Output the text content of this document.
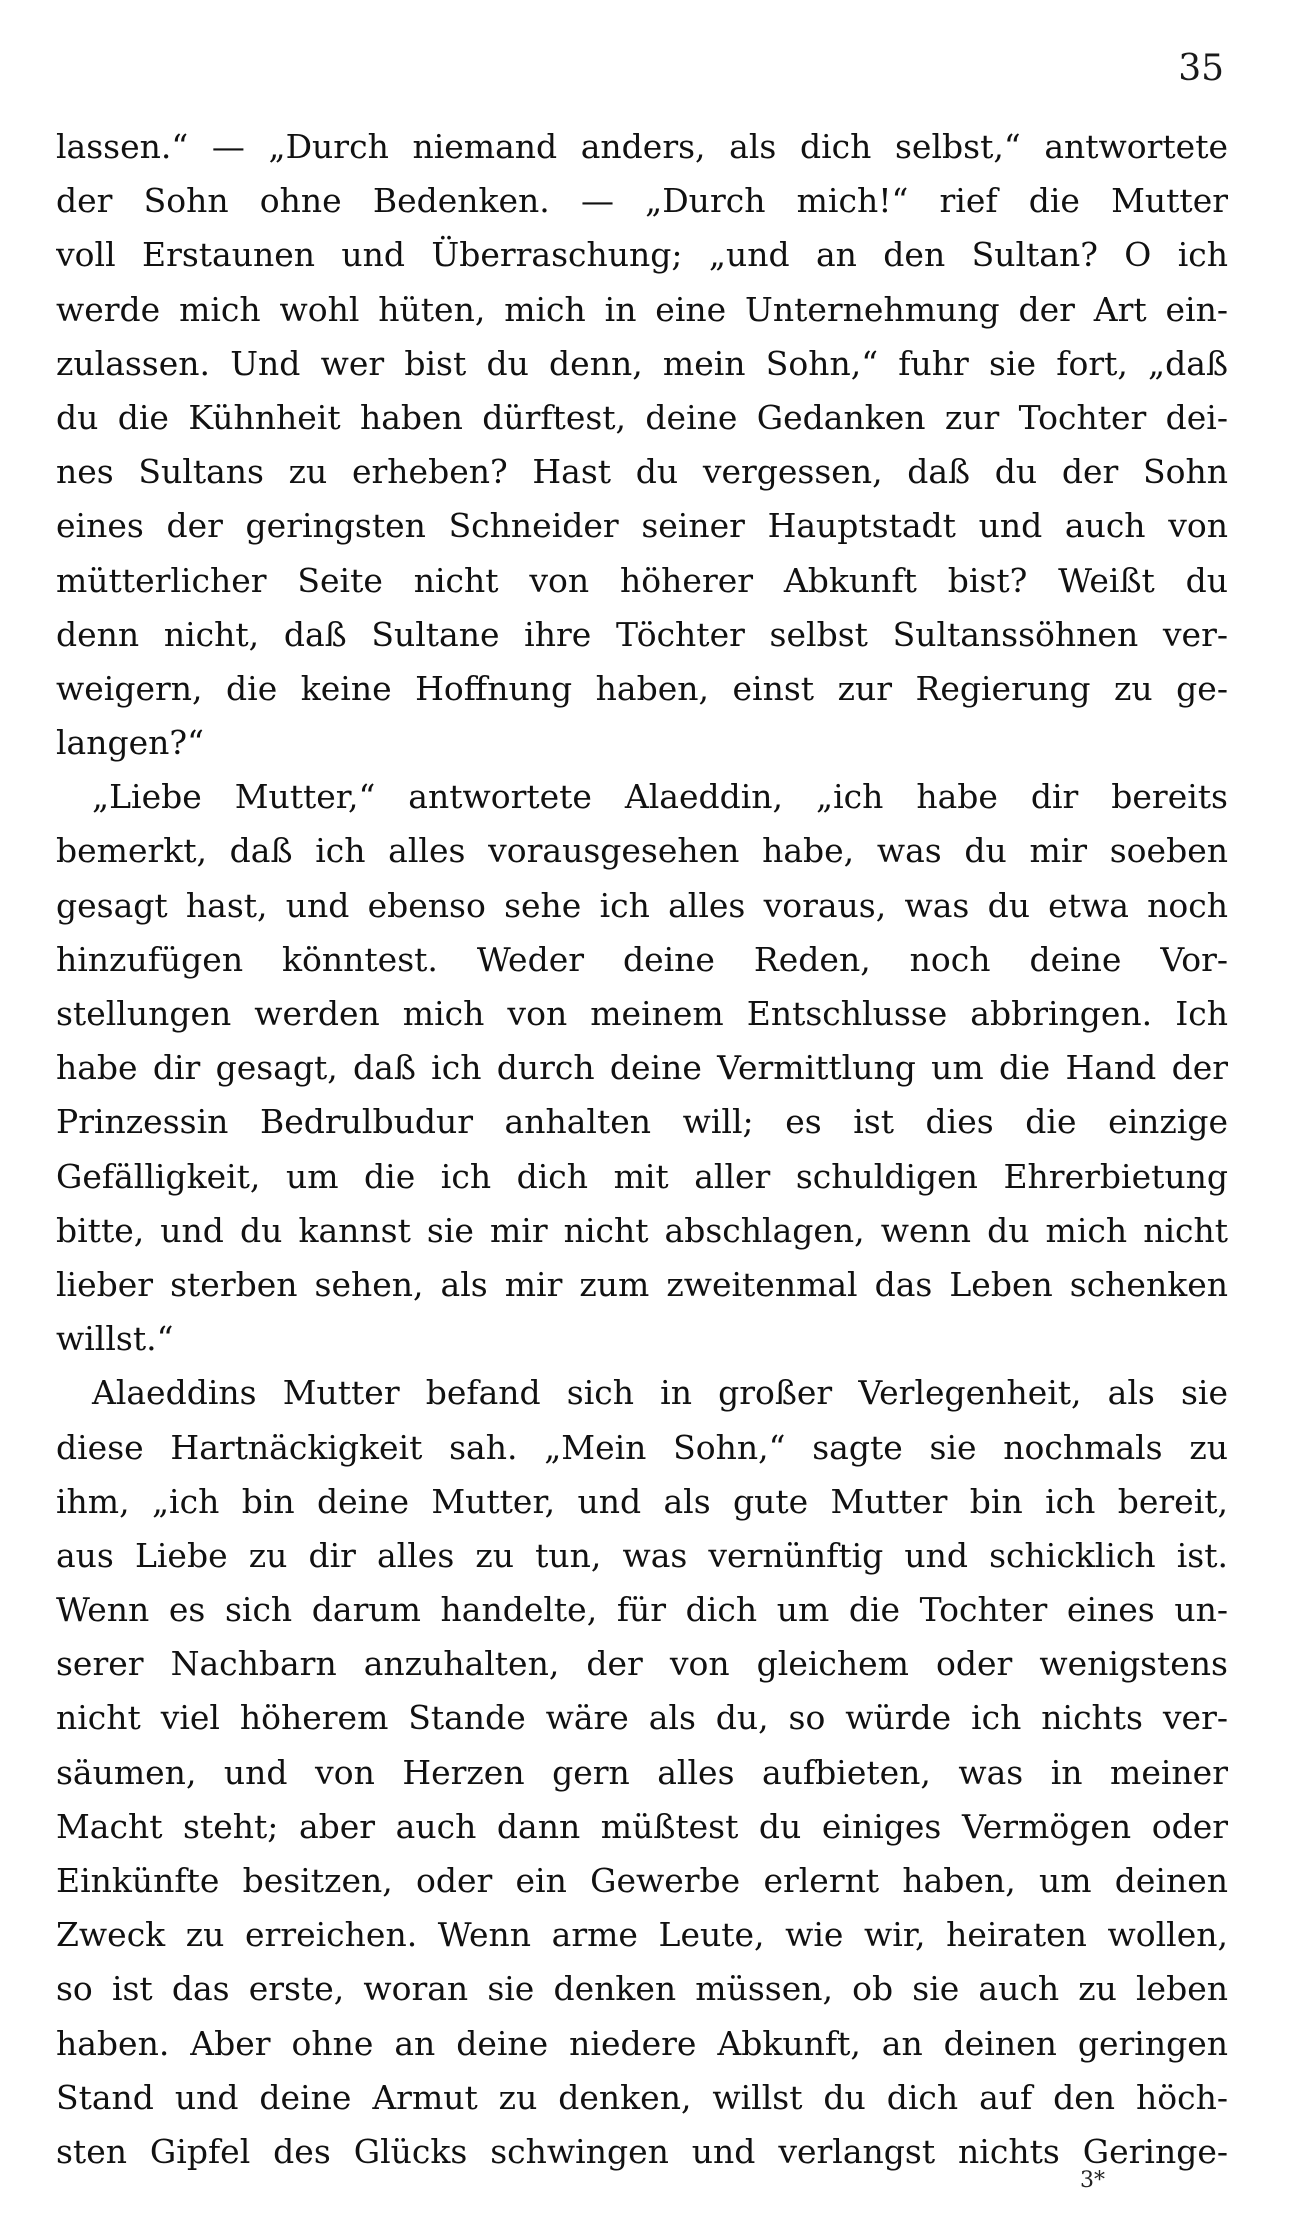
35
lassen.“ — „Durch niemand anders, als dich selbst,“ antwortete
der Sohn ohne Bedenken. — „Durch mich!“ rief die Mutter
voll Erstaunen und Überraschung; „und an den Sultan? O ich
werde mich wohl hüten, mich in eine Unternehmung der Art ein-
zulassen. Und wer bist du denn, mein Sohn,“ fuhr sie fort, „daß
du die Kühnheit haben dürftest, deine Gedanken zur Tochter dei-
nes Sultans zu erheben? Hast du vergessen, daß du der Sohn
eines der geringsten Schneider seiner Hauptstadt und auch von
mütterlicher Seite nicht von höherer Abkunft bist? Weißt du
denn nicht, daß Sultane ihre Töchter selbst Sultanssöhnen ver-
weigern, die keine Hoffnung haben, einst zur Regierung zu ge-
langen?“
„Liebe Mutter,“ antwortete Alaeddin, „ich habe dir bereits
bemerkt, daß ich alles vorausgesehen habe, was du mir soeben
gesagt hast, und ebenso sehe ich alles voraus, was du etwa noch
hinzufügen könntest. Weder deine Reden, noch deine Vor-
stellungen werden mich von meinem Entschlusse abbringen. Ich
habe dir gesagt, daß ich durch deine Vermittlung um die Hand der
Prinzessin Bedrulbudur anhalten will; es ist dies die einzige
Gefälligkeit, um die ich dich mit aller schuldigen Ehrerbietung
bitte, und du kannst sie mir nicht abschlagen, wenn du mich nicht
lieber sterben sehen, als mir zum zweitenmal das Leben schenken
willst.“
Alaeddins Mutter befand sich in großer Verlegenheit, als sie
diese Hartnäckigkeit sah. „Mein Sohn,“ sagte sie nochmals zu
ihm, „ich bin deine Mutter, und als gute Mutter bin ich bereit,
aus Liebe zu dir alles zu tun, was vernünftig und schicklich ist.
Wenn es sich darum handelte, für dich um die Tochter eines un-
serer Nachbarn anzuhalten, der von gleichem oder wenigstens
nicht viel höherem Stande wäre als du, so würde ich nichts ver-
säumen, und von Herzen gern alles aufbieten, was in meiner
Macht steht; aber auch dann müßtest du einiges Vermögen oder
Einkünfte besitzen, oder ein Gewerbe erlernt haben, um deinen
Zweck zu erreichen. Wenn arme Leute, wie wir, heiraten wollen,
so ist das erste, woran sie denken müssen, ob sie auch zu leben
haben. Aber ohne an deine niedere Abkunft, an deinen geringen
Stand und deine Armut zu denken, willst du dich auf den höch-
sten Gipfel des Glücks schwingen und verlangst nichts Geringe-
3*
